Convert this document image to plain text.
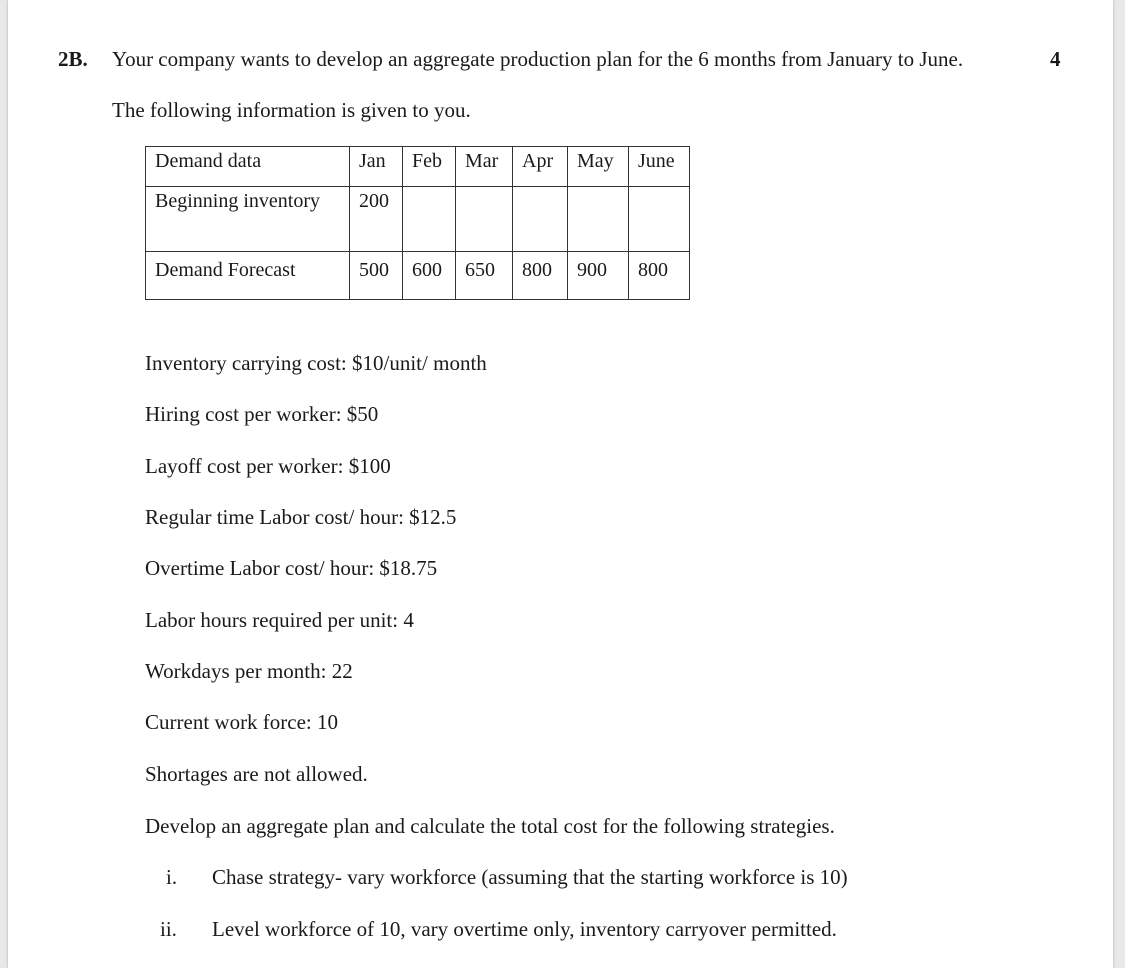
2B. Your company wants to develop an aggregate production plan for the 6 months from January to June.	4
The following information is given to you.
Demand data	Jan	Feb	Mar	Apr	May	June
Beginning inventory	200					
Demand Forecast	500	600	650	800	900	800
Inventory carrying cost: $10/unit/ month
Hiring cost per worker: $50
Layoff cost per worker: $100
Regular time Labor cost/ hour: $12.5
Overtime Labor cost/ hour: $18.75
Labor hours required per unit: 4
Workdays per month: 22
Current work force: 10
Shortages are not allowed.
Develop an aggregate plan and calculate the total cost for the following strategies.
i. Chase strategy- vary workforce (assuming that the starting workforce is 10)
ii. Level workforce of 10, vary overtime only, inventory carryover permitted.
